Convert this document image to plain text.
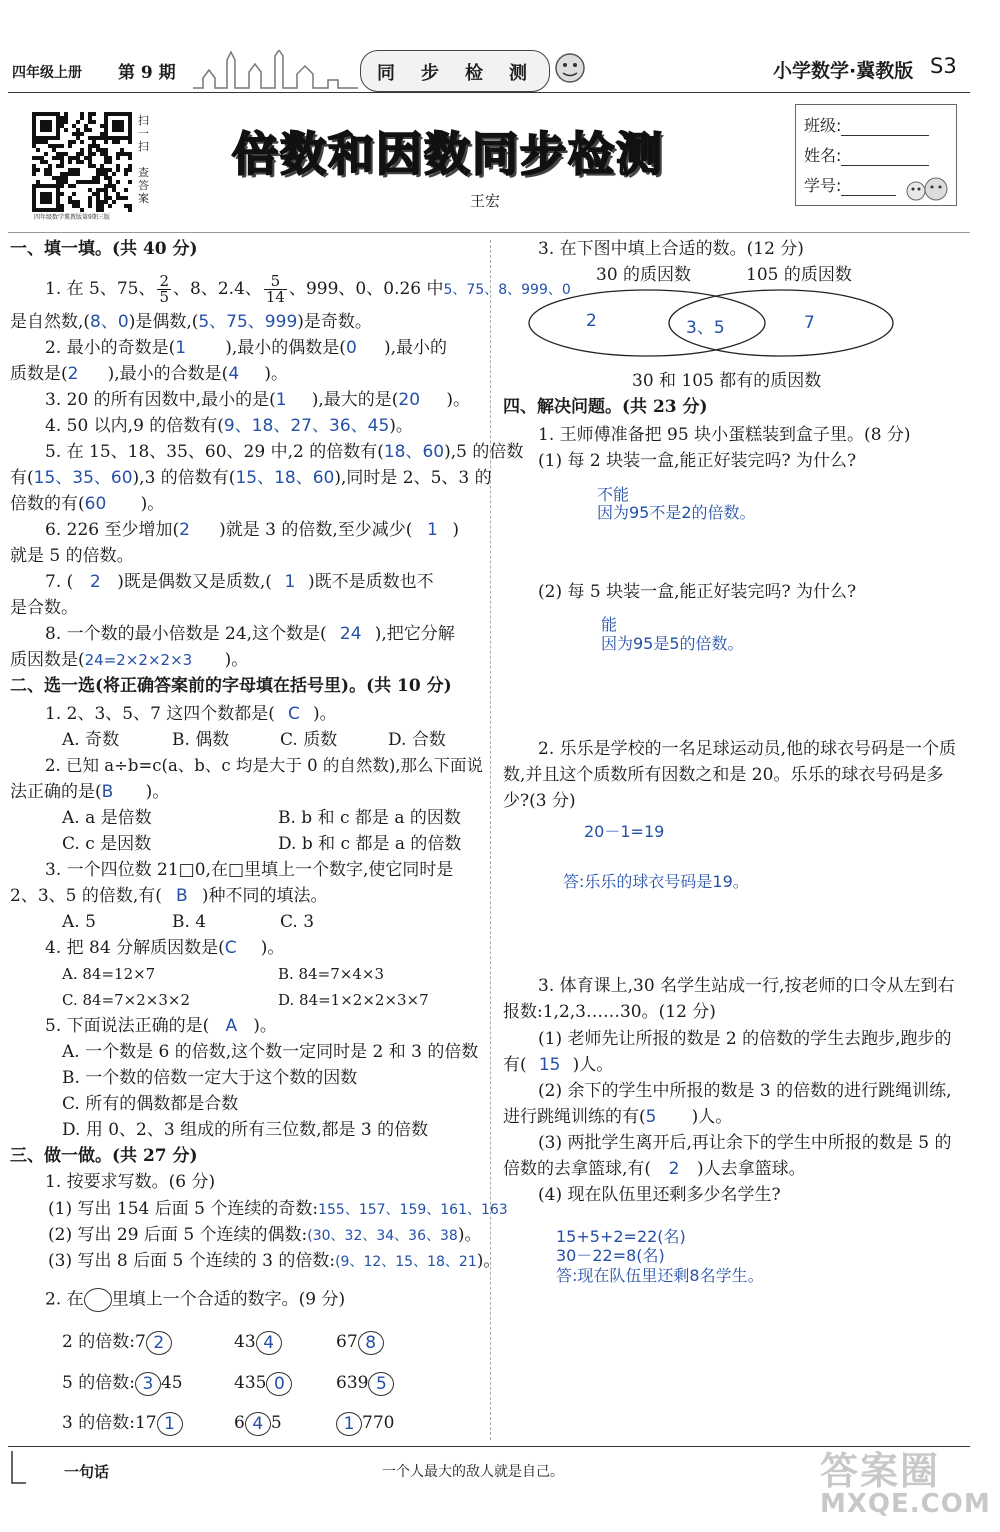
四年级上册 第 9 期	同 步 检 测	小学数学·冀教版 S3
扫
一
扫
查
答
案
四年级数学冀教版第9期三版
倍数和因数同步检测
王宏
班级:
姓名:
学号:
一、填一填。(共 40 分)
1. 在 5、75、 $\frac{2}{5}$ 、8、2.4、 $\frac{5}{14}$ 、999、0、0.26 中5、75、8、999、0
是自然数,(8、0)是偶数,(5、75、999)是奇数。
2. 最小的奇数是(1 ),最小的偶数是(0 ),最小的
质数是(2 ),最小的合数是(4 )。
3. 20 的所有因数中,最小的是(1 ),最大的是(20 )。
4. 50 以内,9 的倍数有(9、18、27、36、45)。
5. 在 15、18、35、60、29 中,2 的倍数有(18、60),5 的倍数
有(15、35、60),3 的倍数有(15、18、60),同时是 2、5、3 的
倍数的有(60 )。
6. 226 至少增加(2 )就是 3 的倍数,至少减少( 1 )
就是 5 的倍数。
7. ( 2 )既是偶数又是质数,( 1 )既不是质数也不
是合数。
8. 一个数的最小倍数是 24,这个数是( 24 ),把它分解
质因数是(24=2×2×2×3 )。
二、选一选(将正确答案前的字母填在括号里)。(共 10 分)
1. 2、3、5、7 这四个数都是( C )。
A. 奇数	B. 偶数	C. 质数	D. 合数
2. 已知 a÷b=c(a、b、c 均是大于 0 的自然数),那么下面说
法正确的是(B )。
A. a 是倍数	B. b 和 c 都是 a 的因数
C. c 是因数	D. b 和 c 都是 a 的倍数
3. 一个四位数 21□0,在□里填上一个数字,使它同时是
2、3、5 的倍数,有( B )种不同的填法。
A. 5	B. 4	C. 3
4. 把 84 分解质因数是(C )。
A. 84=12×7	B. 84=7×4×3
C. 84=7×2×3×2	D. 84=1×2×2×3×7
5. 下面说法正确的是( A )。
A. 一个数是 6 的倍数,这个数一定同时是 2 和 3 的倍数
B. 一个数的倍数一定大于这个数的因数
C. 所有的偶数都是合数
D. 用 0、2、3 组成的所有三位数,都是 3 的倍数
三、做一做。(共 27 分)
1. 按要求写数。(6 分)
(1) 写出 154 后面 5 个连续的奇数:155、157、159、161、163
(2) 写出 29 后面 5 个连续的偶数:(30、32、34、36、38)。
(3) 写出 8 后面 5 个连续的 3 的倍数:(9、12、15、18、21)。
2. 在 里填上一个合适的数字。(9 分)
2 的倍数:7 2	43 4	67 8
5 的倍数: 3 45	435 0	639 5
3 的倍数:17 1	6 4 5	1 770
3. 在下图中填上合适的数。(12 分)
30 的质因数	105 的质因数
2	3、5	7
30 和 105 都有的质因数
四、解决问题。(共 23 分)
1. 王师傅准备把 95 块小蛋糕装到盒子里。(8 分)
(1) 每 2 块装一盒,能正好装完吗? 为什么?
不能
因为95不是2的倍数。
(2) 每 5 块装一盒,能正好装完吗? 为什么?
能
因为95是5的倍数。
2. 乐乐是学校的一名足球运动员,他的球衣号码是一个质
数,并且这个质数所有因数之和是 20。乐乐的球衣号码是多
少?(3 分)
20－1=19
答:乐乐的球衣号码是19。
3. 体育课上,30 名学生站成一行,按老师的口令从左到右
报数:1,2,3……30。(12 分)
(1) 老师先让所报的数是 2 的倍数的学生去跑步,跑步的
有( 15 )人。
(2) 余下的学生中所报的数是 3 的倍数的进行跳绳训练,
进行跳绳训练的有(5 )人。
(3) 两批学生离开后,再让余下的学生中所报的数是 5 的
倍数的去拿篮球,有( 2 )人去拿篮球。
(4) 现在队伍里还剩多少名学生?
15+5+2=22(名)
30－22=8(名)
答:现在队伍里还剩8名学生。
一句话	一个人最大的敌人就是自己。	答案圈
MXQE.COM
